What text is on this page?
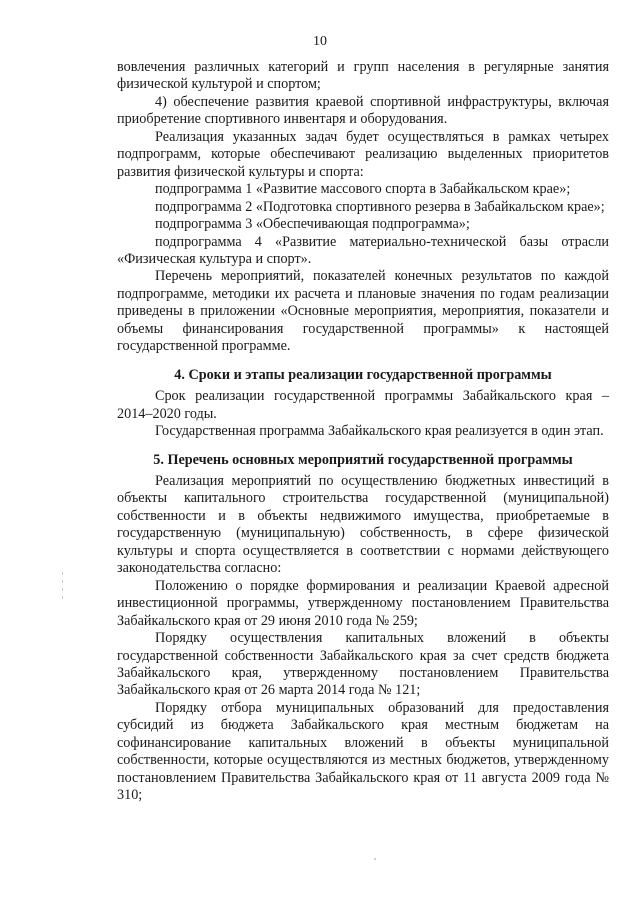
10

вовлечения различных категорий и групп населения в регулярные занятия физической культурой и спортом;

4) обеспечение развития краевой спортивной инфраструктуры, включая приобретение спортивного инвентаря и оборудования.

Реализация указанных задач будет осуществляться в рамках четырех подпрограмм, которые обеспечивают реализацию выделенных приоритетов развития физической культуры и спорта:

подпрограмма 1 «Развитие массового спорта в Забайкальском крае»;

подпрограмма 2 «Подготовка спортивного резерва в Забайкальском крае»;

подпрограмма 3 «Обеспечивающая подпрограмма»;

подпрограмма 4 «Развитие материально-технической базы отрасли «Физическая культура и спорт».

Перечень мероприятий, показателей конечных результатов по каждой подпрограмме, методики их расчета и плановые значения по годам реализации приведены в приложении «Основные мероприятия, мероприятия, показатели и объемы финансирования государственной программы» к настоящей государственной программе.

4. Сроки и этапы реализации государственной программы

Срок реализации государственной программы Забайкальского края – 2014–2020 годы.

Государственная программа Забайкальского края реализуется в один этап.

5. Перечень основных мероприятий государственной программы

Реализация мероприятий по осуществлению бюджетных инвестиций в объекты капитального строительства государственной (муниципальной) собственности и в объекты недвижимого имущества, приобретаемые в государственную (муниципальную) собственность, в сфере физической культуры и спорта осуществляется в соответствии с нормами действующего законодательства согласно:

Положению о порядке формирования и реализации Краевой адресной инвестиционной программы, утвержденному постановлением Правительства Забайкальского края от 29 июня 2010 года № 259;

Порядку осуществления капитальных вложений в объекты государственной собственности Забайкальского края за счет средств бюджета Забайкальского края, утвержденному постановлением Правительства Забайкальского края от 26 марта 2014 года № 121;

Порядку отбора муниципальных образований для предоставления субсидий из бюджета Забайкальского края местным бюджетам на софинансирование капитальных вложений в объекты муниципальной собственности, которые осуществляются из местных бюджетов, утвержденному постановлением Правительства Забайкальского края от 11 августа 2009 года № 310;
